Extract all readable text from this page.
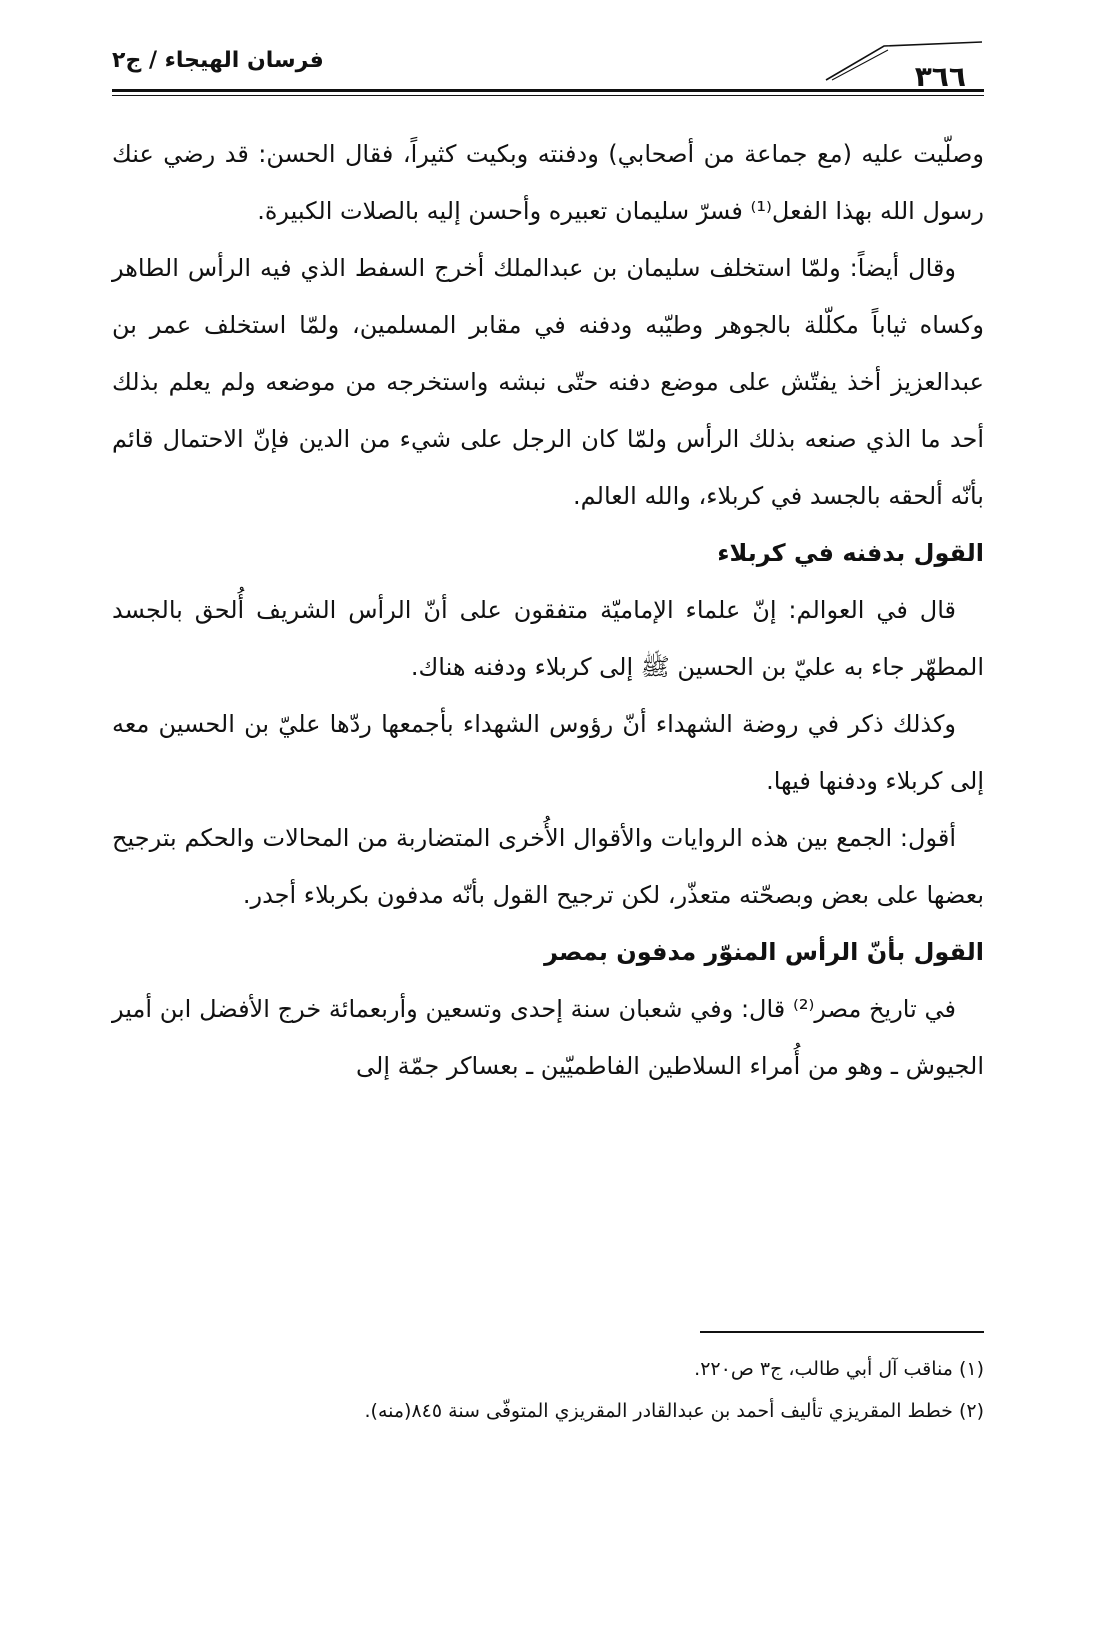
فرسان الهيجاء / ج٢	٣٦٦

وصلّيت عليه (مع جماعة من أصحابي) ودفنته وبكيت كثيراً، فقال الحسن: قد رضي عنك رسول الله بهذا الفعل⁽¹⁾ فسرّ سليمان تعبيره وأحسن إليه بالصلات الكبيرة.

وقال أيضاً: ولمّا استخلف سليمان بن عبدالملك أخرج السفط الذي فيه الرأس الطاهر وكساه ثياباً مكلّلة بالجوهر وطيّبه ودفنه في مقابر المسلمين، ولمّا استخلف عمر بن عبدالعزيز أخذ يفتّش على موضع دفنه حتّى نبشه واستخرجه من موضعه ولم يعلم بذلك أحد ما الذي صنعه بذلك الرأس ولمّا كان الرجل على شيء من الدين فإنّ الاحتمال قائم بأنّه ألحقه بالجسد في كربلاء، والله العالم.

القول بدفنه في كربلاء

قال في العوالم: إنّ علماء الإماميّة متفقون على أنّ الرأس الشريف أُلحق بالجسد المطهّر جاء به عليّ بن الحسين ﷺ إلى كربلاء ودفنه هناك.

وكذلك ذكر في روضة الشهداء أنّ رؤوس الشهداء بأجمعها ردّها عليّ بن الحسين معه إلى كربلاء ودفنها فيها.

أقول: الجمع بين هذه الروايات والأقوال الأُخرى المتضاربة من المحالات والحكم بترجيح بعضها على بعض وبصحّته متعذّر، لكن ترجيح القول بأنّه مدفون بكربلاء أجدر.

القول بأنّ الرأس المنوّر مدفون بمصر

في تاريخ مصر⁽²⁾ قال: وفي شعبان سنة إحدى وتسعين وأربعمائة خرج الأفضل ابن أمير الجيوش ـ وهو من أُمراء السلاطين الفاطميّين ـ بعساكر جمّة إلى

(١) مناقب آل أبي طالب، ج٣ ص٢٢٠.
(٢) خطط المقريزي تأليف أحمد بن عبدالقادر المقريزي المتوفّى سنة ٨٤٥(منه).
